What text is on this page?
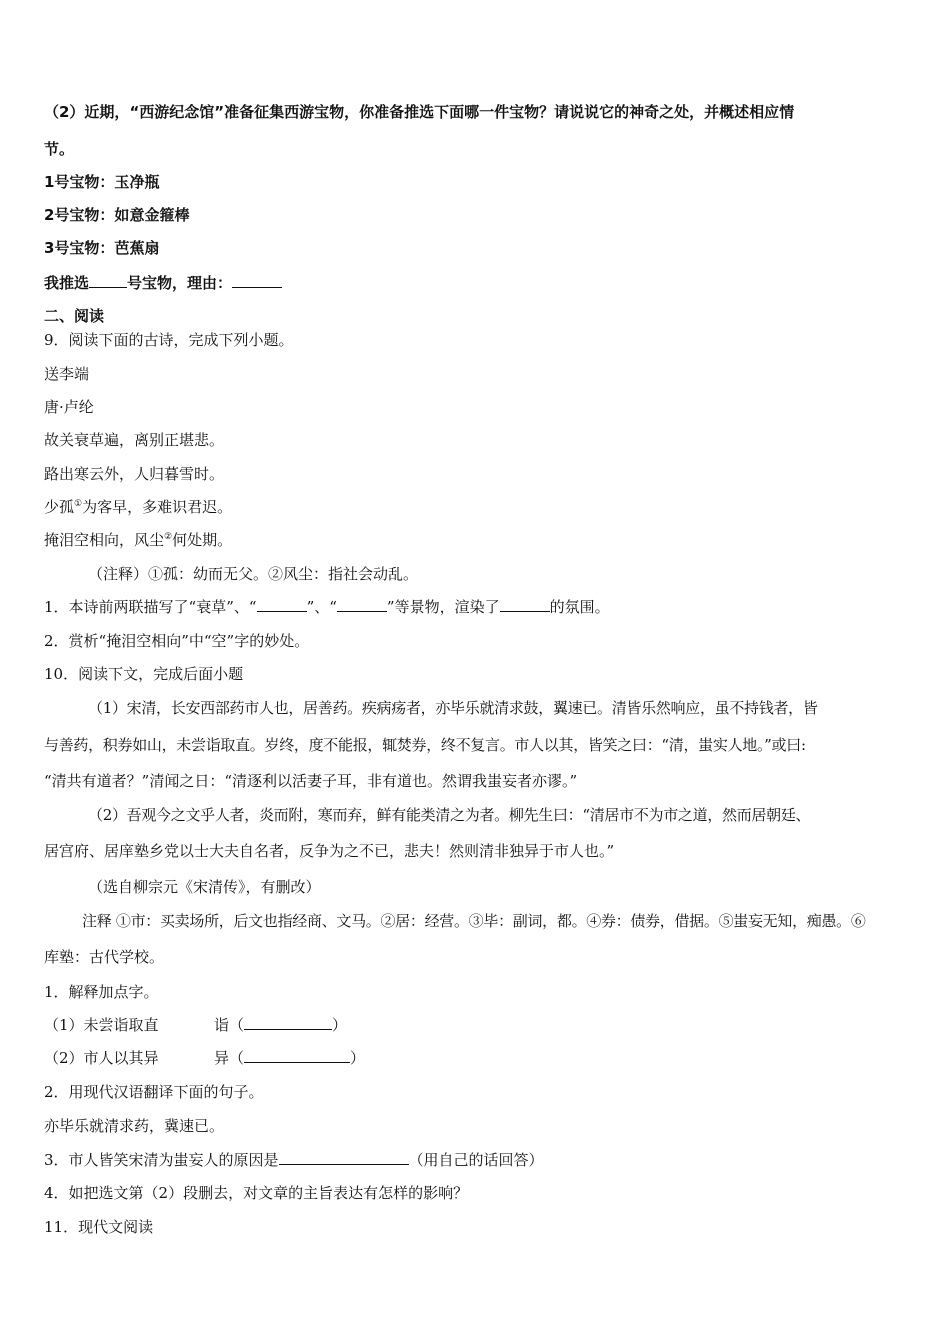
（2）近期，“西游纪念馆”准备征集西游宝物，你准备推选下面哪一件宝物？请说说它的神奇之处，并概述相应情
节。
1号宝物：玉净瓶
2号宝物：如意金箍棒
3号宝物：芭蕉扇
我推选	号宝物，理由：
二、阅读
9．阅读下面的古诗，完成下列小题。
送李端
唐·卢纶
故关衰草遍，离别正堪悲。
路出寒云外，人归暮雪时。
少孤①为客早，多难识君迟。
掩泪空相向，风尘②何处期。
（注释）①孤：幼而无父。②风尘：指社会动乱。
1．本诗前两联描写了“衰草”、“	”、“	”等景物，渲染了	的氛围。
2．赏析“掩泪空相向”中“空”字的妙处。
10．阅读下文，完成后面小题
（1）宋清，长安西部药市人也，居善药。疾病疡者，亦毕乐就清求鼓，翼速已。清皆乐然响应，虽不持钱者，皆
与善药，积券如山，未尝诣取直。岁终，度不能报，辄焚券，终不复言。市人以其，皆笑之曰：“清，蚩实人地。”或曰:
“清共有道者？”清闻之日：“清逐利以活妻子耳，非有道也。然谓我蚩妄者亦谬。”
（2）吾观今之文乎人者，炎而附，寒而弃，鲜有能类清之为者。柳先生曰：“清居市不为市之道，然而居朝廷、
居宫府、居庠塾乡党以士大夫自名者，反争为之不已，悲夫！然则清非独异于市人也。”
（选自柳宗元《宋清传》，有删改）
注释 ①市：买卖场所，后文也指经商、文马。②居：经营。③毕：副词，都。④券：债券，借据。⑤蚩妄无知，痴愚。⑥
库塾：古代学校。
1．解释加点字。
（1）未尝诣取直	诣（	）
（2）市人以其异	异（	）
2．用现代汉语翻译下面的句子。
亦毕乐就清求药，冀速已。
3．市人皆笑宋清为蚩妄人的原因是	（用自己的话回答）
4．如把选文第（2）段删去，对文章的主旨表达有怎样的影响？
11．现代文阅读
